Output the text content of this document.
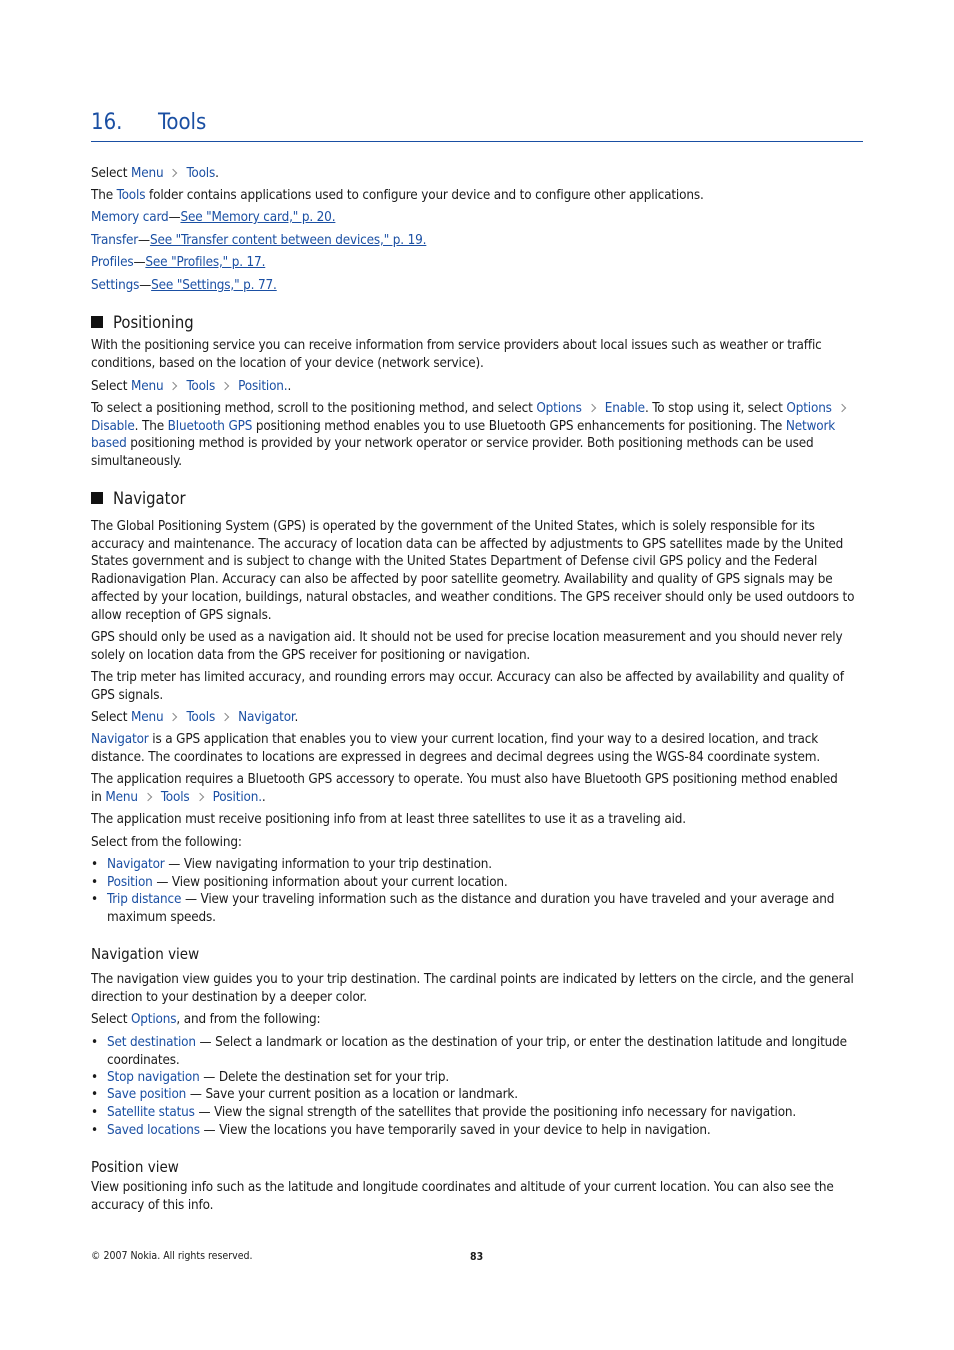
16. Tools
Select Menu Tools.
The Tools folder contains applications used to configure your device and to configure other applications.
Memory card—See "Memory card," p. 20.
Transfer—See "Transfer content between devices," p. 19.
Profiles—See "Profiles," p. 17.
Settings—See "Settings," p. 77.
Positioning
With the positioning service you can receive information from service providers about local issues such as weather or traffic conditions, based on the location of your device (network service).
Select Menu Tools Position..
To select a positioning method, scroll to the positioning method, and select Options Enable. To stop using it, select OptionsDisable. The Bluetooth GPS positioning method enables you to use Bluetooth GPS enhancements for positioning. The Network based positioning method is provided by your network operator or service provider. Both positioning methods can be used simultaneously.
Navigator
The Global Positioning System (GPS) is operated by the government of the United States, which is solely responsible for its accuracy and maintenance. The accuracy of location data can be affected by adjustments to GPS satellites made by the United States government and is subject to change with the United States Department of Defense civil GPS policy and the Federal Radionavigation Plan. Accuracy can also be affected by poor satellite geometry. Availability and quality of GPS signals may be affected by your location, buildings, natural obstacles, and weather conditions. The GPS receiver should only be used outdoors to allow reception of GPS signals.
GPS should only be used as a navigation aid. It should not be used for precise location measurement and you should never rely solely on location data from the GPS receiver for positioning or navigation.
The trip meter has limited accuracy, and rounding errors may occur. Accuracy can also be affected by availability and quality of GPS signals.
Select Menu Tools Navigator.
Navigator is a GPS application that enables you to view your current location, find your way to a desired location, and track distance. The coordinates to locations are expressed in degrees and decimal degrees using the WGS-84 coordinate system.
The application requires a Bluetooth GPS accessory to operate. You must also have Bluetooth GPS positioning method enabled
in Menu Tools Position..
The application must receive positioning info from at least three satellites to use it as a traveling aid.
Select from the following:
• Navigator — View navigating information to your trip destination.
• Position — View positioning information about your current location.
• Trip distance — View your traveling information such as the distance and duration you have traveled and your average and maximum speeds.
Navigation view
The navigation view guides you to your trip destination. The cardinal points are indicated by letters on the circle, and the general direction to your destination by a deeper color.
Select Options, and from the following:
• Set destination — Select a landmark or location as the destination of your trip, or enter the destination latitude and longitude coordinates.
• Stop navigation — Delete the destination set for your trip.
• Save position — Save your current position as a location or landmark.
• Satellite status — View the signal strength of the satellites that provide the positioning info necessary for navigation.
• Saved locations — View the locations you have temporarily saved in your device to help in navigation.
Position view
View positioning info such as the latitude and longitude coordinates and altitude of your current location. You can also see the accuracy of this info.
© 2007 Nokia. All rights reserved.	83
